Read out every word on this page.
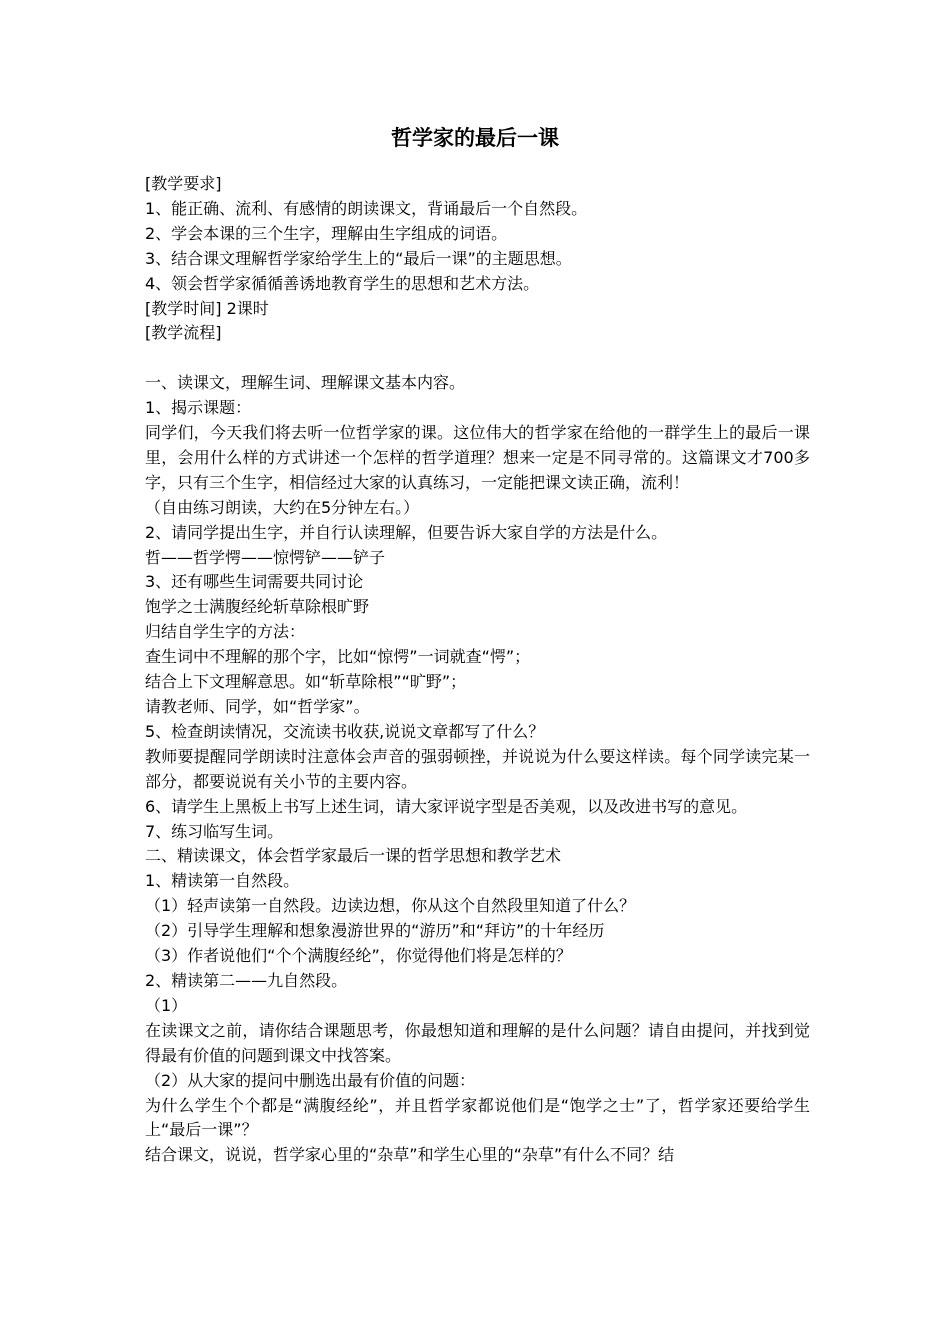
哲学家的最后一课

[教学要求]

1、能正确、流利、有感情的朗读课文，背诵最后一个自然段。

2、学会本课的三个生字，理解由生字组成的词语。

3、结合课文理解哲学家给学生上的“最后一课”的主题思想。

4、领会哲学家循循善诱地教育学生的思想和艺术方法。

[教学时间] 2课时

[教学流程]

一、读课文，理解生词、理解课文基本内容。

1、揭示课题：

同学们，今天我们将去听一位哲学家的课。这位伟大的哲学家在给他的一群学生上的最后一课里，会用什么样的方式讲述一个怎样的哲学道理？想来一定是不同寻常的。这篇课文才700多字，只有三个生字，相信经过大家的认真练习，一定能把课文读正确，流利！

（自由练习朗读，大约在5分钟左右。）

2、请同学提出生字，并自行认读理解，但要告诉大家自学的方法是什么。

哲——哲学愕——惊愕铲——铲子

3、还有哪些生词需要共同讨论

饱学之士满腹经纶斩草除根旷野

归结自学生字的方法：

查生词中不理解的那个字，比如“惊愕”一词就查“愕”；

结合上下文理解意思。如“斩草除根”“旷野”；

请教老师、同学，如“哲学家”。

5、检查朗读情况，交流读书收获,说说文章都写了什么？

教师要提醒同学朗读时注意体会声音的强弱顿挫，并说说为什么要这样读。每个同学读完某一部分，都要说说有关小节的主要内容。

6、请学生上黑板上书写上述生词，请大家评说字型是否美观，以及改进书写的意见。

7、练习临写生词。

二、精读课文，体会哲学家最后一课的哲学思想和教学艺术

1、精读第一自然段。

（1）轻声读第一自然段。边读边想，你从这个自然段里知道了什么？

（2）引导学生理解和想象漫游世界的“游历”和“拜访”的十年经历

（3）作者说他们“个个满腹经纶”，你觉得他们将是怎样的？

2、精读第二——九自然段。

（1）

在读课文之前，请你结合课题思考，你最想知道和理解的是什么问题？请自由提问，并找到觉得最有价值的问题到课文中找答案。

（2）从大家的提问中删选出最有价值的问题：

为什么学生个个都是“满腹经纶”，并且哲学家都说他们是“饱学之士”了，哲学家还要给学生上“最后一课”？

结合课文，说说，哲学家心里的“杂草”和学生心里的“杂草”有什么不同？结
